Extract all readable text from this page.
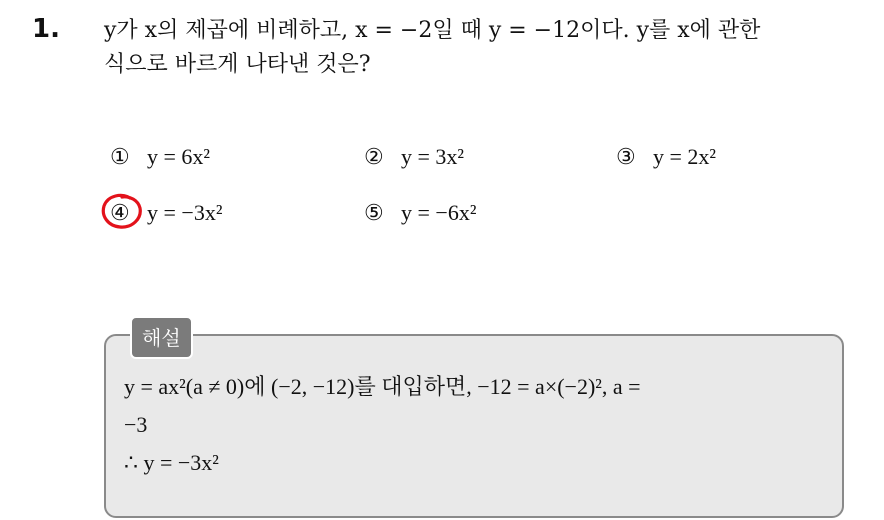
1. y가 x의 제곱에 비례하고, x = −2일 때 y = −12이다. y를 x에 관한
식으로 바르게 나타낸 것은?

① y = 6x²	② y = 3x²	③ y = 2x²
④ y = −3x²	⑤ y = −6x²
해설

y = ax²(a ≠ 0)에 (−2, −12)를 대입하면, −12 = a×(−2)², a =
−3
∴ y = −3x²
